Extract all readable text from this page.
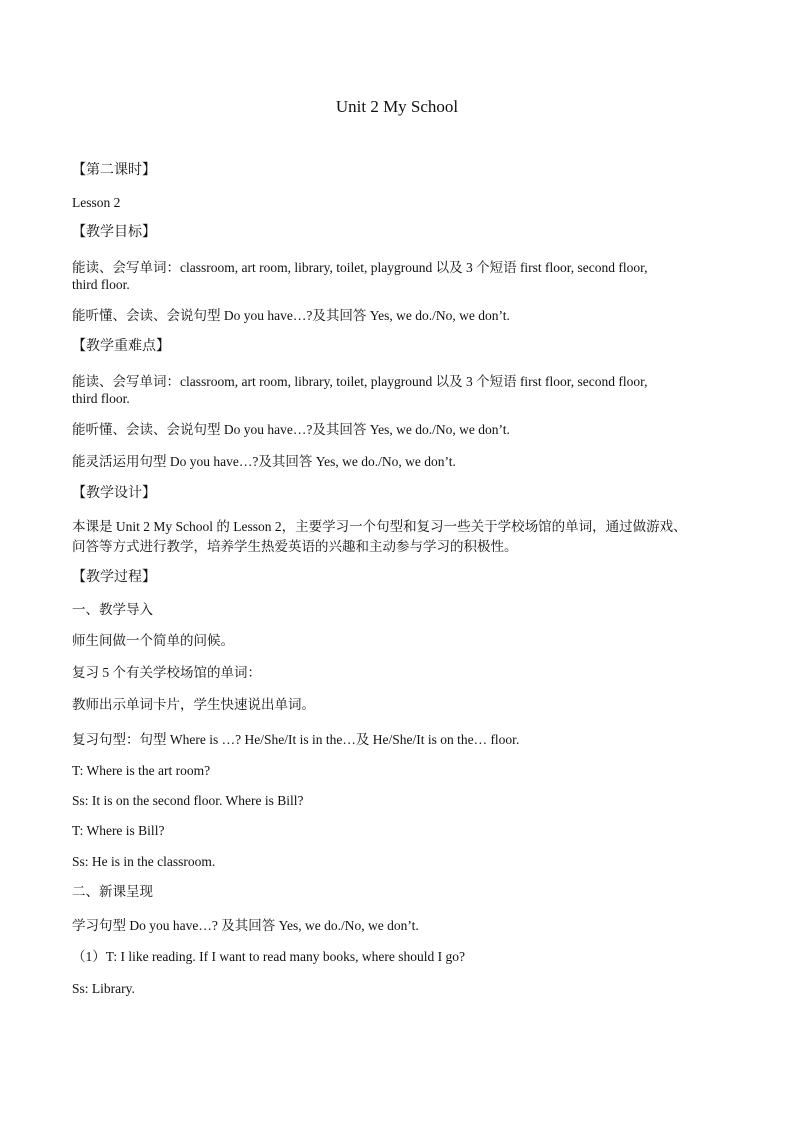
Unit 2 My School
【第二课时】
Lesson 2
【教学目标】
能读、会写单词：classroom, art room, library, toilet, playground 以及 3 个短语 first floor, second floor,
third floor.
能听懂、会读、会说句型 Do you have…?及其回答 Yes, we do./No, we don’t.
【教学重难点】
能读、会写单词：classroom, art room, library, toilet, playground 以及 3 个短语 first floor, second floor,
third floor.
能听懂、会读、会说句型 Do you have…?及其回答 Yes, we do./No, we don’t.
能灵活运用句型 Do you have…?及其回答 Yes, we do./No, we don’t.
【教学设计】
本课是 Unit 2 My School 的 Lesson 2，主要学习一个句型和复习一些关于学校场馆的单词，通过做游戏、
问答等方式进行教学，培养学生热爱英语的兴趣和主动参与学习的积极性。
【教学过程】
一、教学导入
师生间做一个简单的问候。
复习 5 个有关学校场馆的单词：
教师出示单词卡片，学生快速说出单词。
复习句型：句型 Where is …? He/She/It is in the…及 He/She/It is on the… floor.
T: Where is the art room?
Ss: It is on the second floor. Where is Bill?
T: Where is Bill?
Ss: He is in the classroom.
二、新课呈现
学习句型 Do you have…? 及其回答 Yes, we do./No, we don’t.
（1）T: I like reading. If I want to read many books, where should I go?
Ss: Library.
